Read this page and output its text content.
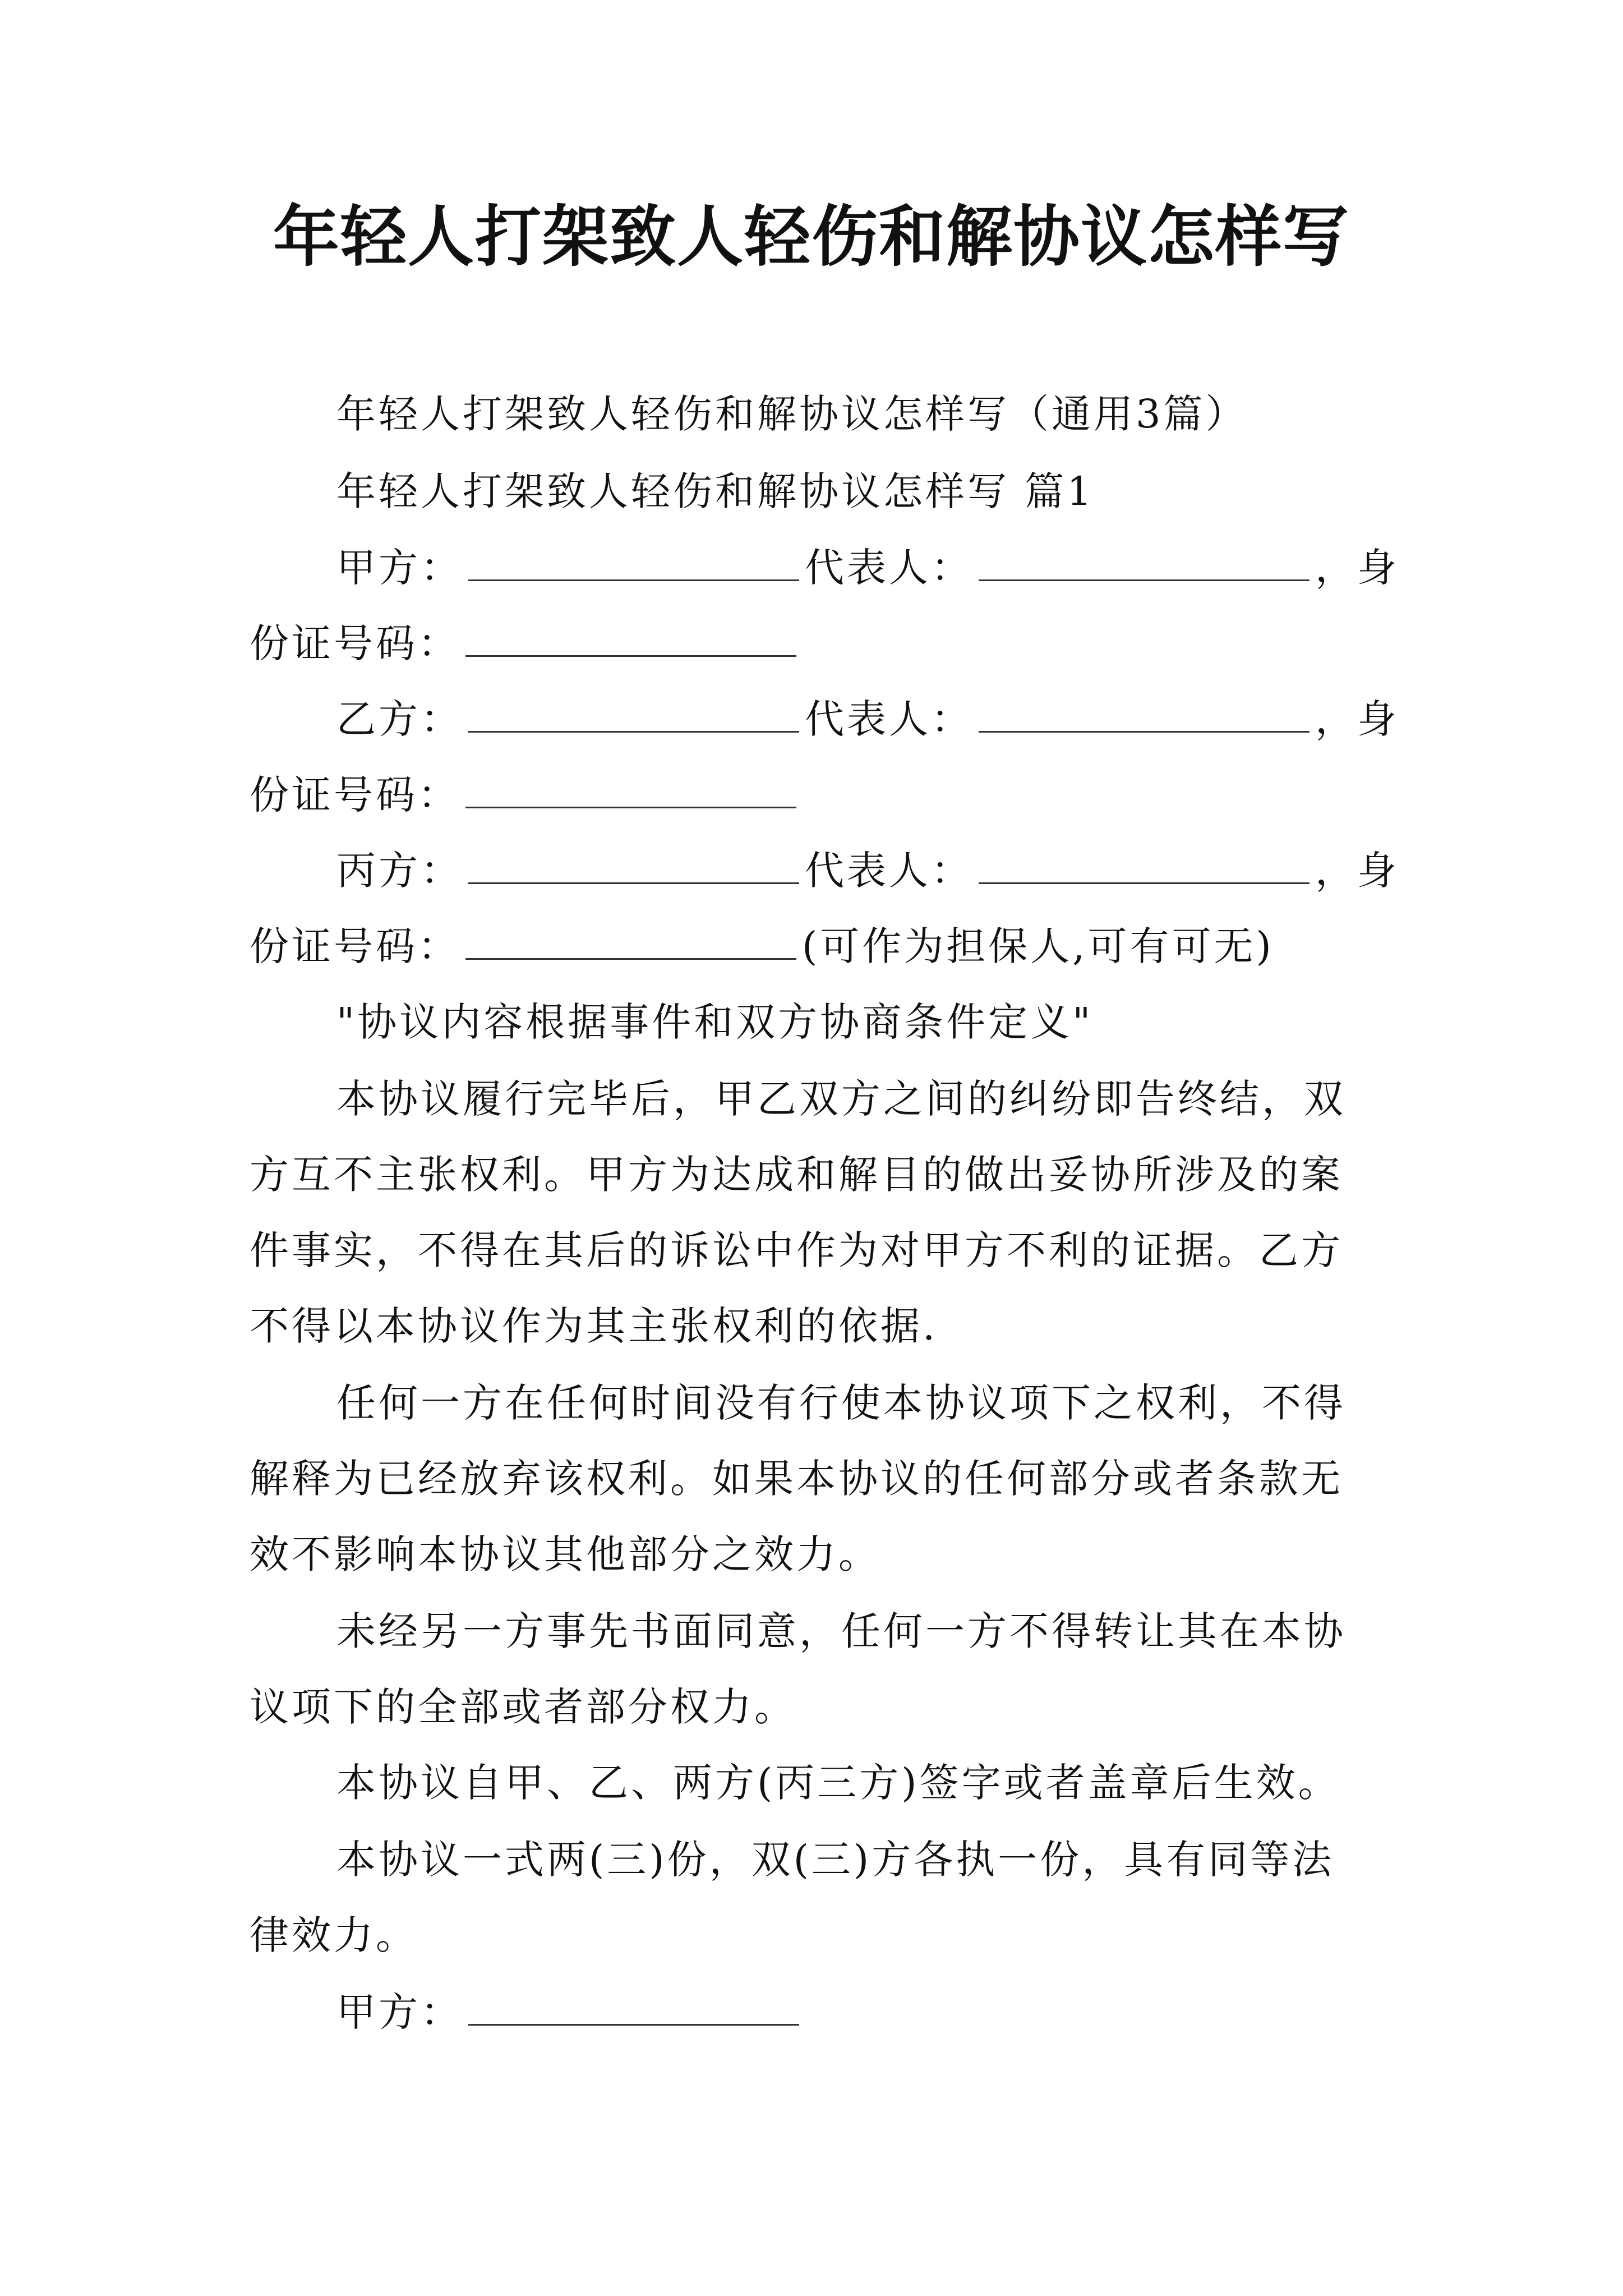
年轻人打架致人轻伤和解协议怎样写
年轻人打架致人轻伤和解协议怎样写（通用3篇）
年轻人打架致人轻伤和解协议怎样写 篇1
甲方：	代表人：	，身
份证号码：
乙方：	代表人：	，身
份证号码：
丙方：	代表人：	，身
份证号码：	(可作为担保人,可有可无)
"协议内容根据事件和双方协商条件定义"
本协议履行完毕后，甲乙双方之间的纠纷即告终结，双
方互不主张权利。甲方为达成和解目的做出妥协所涉及的案
件事实，不得在其后的诉讼中作为对甲方不利的证据。乙方
不得以本协议作为其主张权利的依据.
任何一方在任何时间没有行使本协议项下之权利，不得
解释为已经放弃该权利。如果本协议的任何部分或者条款无
效不影响本协议其他部分之效力。
未经另一方事先书面同意，任何一方不得转让其在本协
议项下的全部或者部分权力。
本协议自甲、乙、两方(丙三方)签字或者盖章后生效。
本协议一式两(三)份，双(三)方各执一份，具有同等法
律效力。
甲方：
